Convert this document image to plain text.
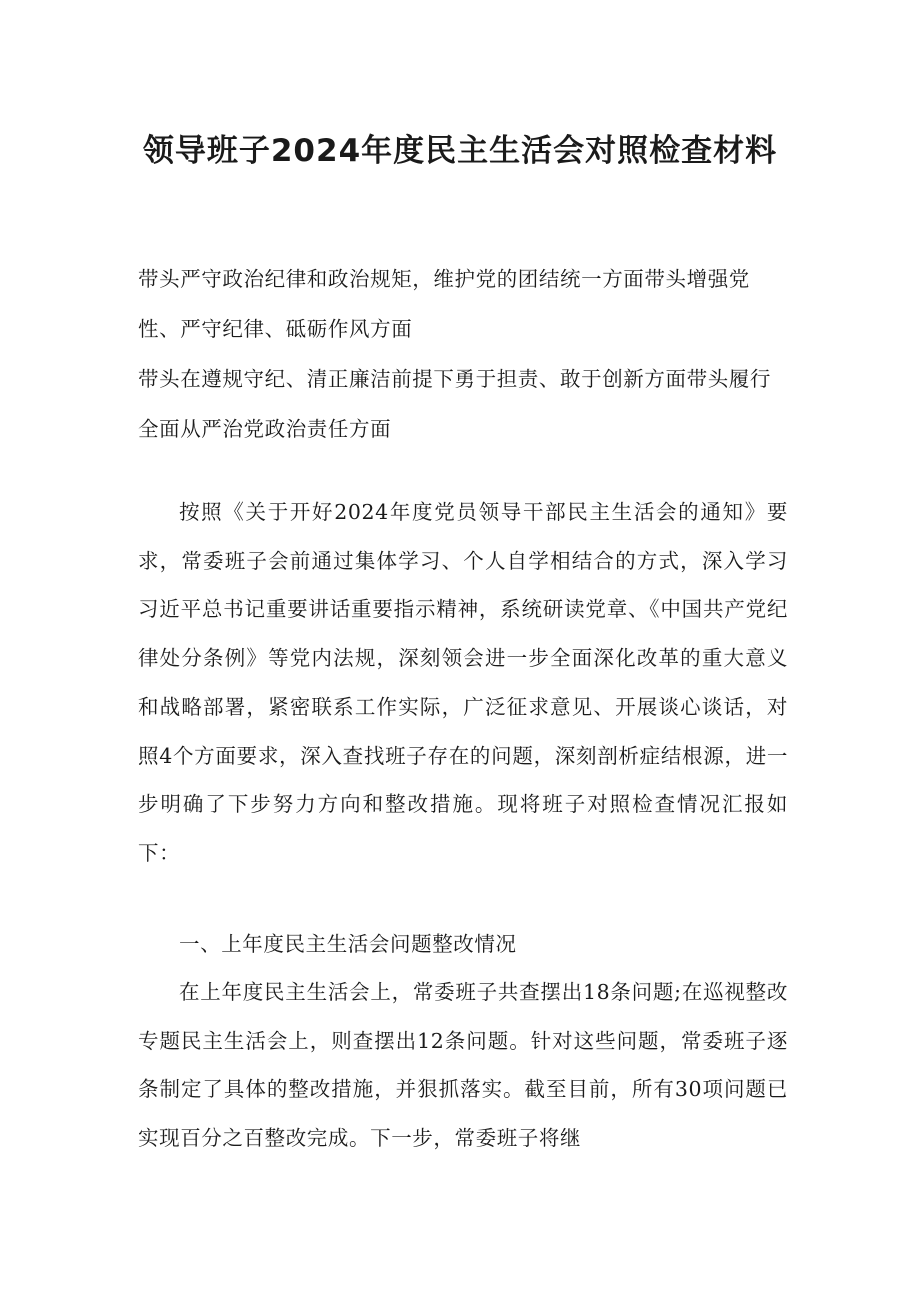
领导班子2024年度民主生活会对照检查材料

带头严守政治纪律和政治规矩，维护党的团结统一方面带头增强党性、严守纪律、砥砺作风方面

带头在遵规守纪、清正廉洁前提下勇于担责、敢于创新方面带头履行全面从严治党政治责任方面

按照《关于开好2024年度党员领导干部民主生活会的通知》要求，常委班子会前通过集体学习、个人自学相结合的方式，深入学习习近平总书记重要讲话重要指示精神，系统研读党章、《中国共产党纪律处分条例》等党内法规，深刻领会进一步全面深化改革的重大意义和战略部署，紧密联系工作实际，广泛征求意见、开展谈心谈话，对照4个方面要求，深入查找班子存在的问题，深刻剖析症结根源，进一步明确了下步努力方向和整改措施。现将班子对照检查情况汇报如下：

一、上年度民主生活会问题整改情况

在上年度民主生活会上，常委班子共查摆出18条问题;在巡视整改专题民主生活会上，则查摆出12条问题。针对这些问题，常委班子逐条制定了具体的整改措施，并狠抓落实。截至目前，所有30项问题已实现百分之百整改完成。下一步，常委班子将继
